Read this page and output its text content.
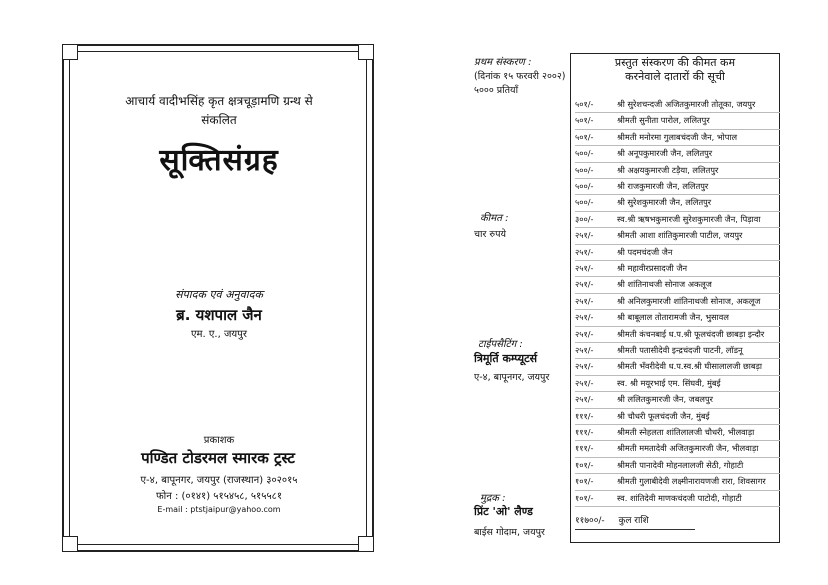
आचार्य वादीभसिंह कृत क्षत्रचूड़ामणि ग्रन्थ से
संकलित
सूक्तिसंग्रह
संपादक एवं अनुवादक
ब्र. यशपाल जैन
एम. ए., जयपुर
प्रकाशक
पण्डित टोडरमल स्मारक ट्रस्ट
ए-४, बापूनगर, जयपुर (राजस्थान) ३०२०१५
फोन : (०१४१) ५१५४५८, ५१५५८१
E-mail : ptstjaipur@yahoo.com
प्रथम संस्करण :
(दिनांक १५ फरवरी २००२)
५००० प्रतियाँ
कीमत :
चार रुपये
टाईपसैटिंग :
त्रिमूर्ति कम्प्यूटर्स
ए-४, बापूनगर, जयपुर
मुद्रक :
प्रिंट 'ओ' लैण्ड
बाईस गोदाम, जयपुर
प्रस्तुत संस्करण की कीमत कम
करनेवाले दातारों की सूची
५०१/-	श्री सुरेशचन्दजी अजितकुमारजी तोतूका, जयपुर
५०१/-	श्रीमती सुनीता पारोल, ललितपुर
५०१/-	श्रीमती मनोरमा गुलाबचंदजी जैन, भोपाल
५००/-	श्री अनूपकुमारजी जैन, ललितपुर
५००/-	श्री अक्षयकुमारजी टड़ैया, ललितपुर
५००/-	श्री राजकुमारजी जैन, ललितपुर
५००/-	श्री सुरेशकुमारजी जैन, ललितपुर
३००/-	स्व.श्री ऋषभकुमारजी सुरेशकुमारजी जैन, पिड़ावा
२५१/-	श्रीमती आशा शांतिकुमारजी पाटील, जयपुर
२५१/-	श्री पदमचंदजी जैन
२५१/-	श्री महावीरप्रसादजी जैन
२५१/-	श्री शांतिनाथजी सोनाज अकलूज
२५१/-	श्री अनिलकुमारजी शांतिनाथजी सोनाज, अकलूज
२५१/-	श्री बाबूलाल तोतारामजी जैन, भुसावल
२५१/-	श्रीमती कंचनबाई ध.प.श्री फूलचंदजी छाबड़ा इन्दौर
२५१/-	श्रीमती पतासीदेवी इन्द्रचंदजी पाटनी, लॉडनू
२५१/-	श्रीमती भँवरीदेवी ध.प.स्व.श्री घीसालालजी छाबड़ा
२५१/-	स्व. श्री मयूरभाई एम. सिंघवी, मुंबई
२५१/-	श्री ललितकुमारजी जैन, जबलपुर
१११/-	श्री चौधरी फूलचंदजी जैन, मुंबई
१११/-	श्रीमती स्नेहलता शांतिलालजी चौधरी, भीलवाड़ा
१११/-	श्रीमती ममतादेवी अजितकुमारजी जैन, भीलवाड़ा
१०१/-	श्रीमती पानादेवी मोहनलालजी सेठी, गोहाटी
१०१/-	श्रीमती गुलाबीदेवी लक्ष्मीनारायणजी रारा, शिवसागर
१०१/-	स्व. शांतिदेवी माणकचंदजी पाटोदी, गोहाटी
११७००/- कुल राशि
